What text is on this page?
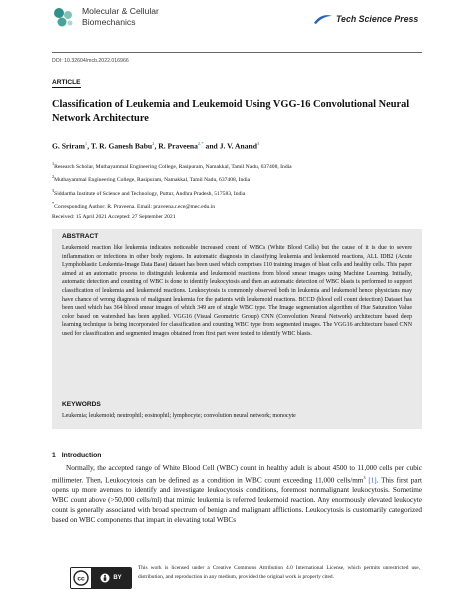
Molecular & Cellular
Biomechanics	Tech Science Press
DOI: 10.32604/mcb.2022.016966
ARTICLE
Classification of Leukemia and Leukemoid Using VGG-16 Convolutional Neural Network Architecture
G. Sriram$^1$, T. R. Ganesh Babu$^2$, R. Praveena$^{2,*}$ and J. V. Anand$^3$
$^1$Research Scholar, Muthayammal Engineering College, Rasipuram, Namakkal, Tamil Nadu, 637408, India
$^2$Muthayammal Engineering College, Rasipuram, Namakkal, Tamil Nadu, 637408, India
$^3$Siddartha Institute of Science and Technology, Puttur, Andhra Pradesh, 517583, India
*Corresponding Author: R. Praveena. Email: praveena.r.ece@mec.edu.in
Received: 15 April 2021 Accepted: 27 September 2021
ABSTRACT

Leukemoid reaction like leukemia indicates noticeable increased count of WBCs (White Blood Cells) but the cause of it is due to severe inflammation or infections in other body regions. In automatic diagnosis in classifying leukemia and leukemoid reactions, ALL IDB2 (Acute Lymphoblastic Leukemia-Image Data Base) dataset has been used which comprises 110 training images of blast cells and healthy cells. This paper aimed at an automatic process to distinguish leukemia and leukemoid reactions from blood smear images using Machine Learning. Initially, automatic detection and counting of WBC is done to identify leukocytosis and then an automatic detection of WBC blasts is performed to support classification of leukemia and leukemoid reactions. Leukocytosis is commonly observed both in leukemia and leukemoid hence physicians may have chance of wrong diagnosis of malignant leukemia for the patients with leukemoid reactions. BCCD (blood cell count detection) Dataset has been used which has 364 blood smear images of which 349 are of single WBC type. The Image segmentation algorithm of Hue Saturation Value color based on watershed has been applied. VGG16 (Visual Geometric Group) CNN (Convolution Neural Network) architecture based deep learning technique is being incorporated for classification and counting WBC type from segmented images. The VGG16 architecture based CNN used for classification and segmented images obtained from first part were tested to identify WBC blasts.

KEYWORDS
Leukemia; leukemoid; neutrophil; eosinophil; lymphocyte; convolution neural network; monocyte
1 Introduction

Normally, the accepted range of White Blood Cell (WBC) count in healthy adult is about 4500 to 11,000 cells per cubic millimeter. Then, Leukocytosis can be defined as a condition in WBC count exceeding 11,000 cells/$mm^3$ [1]. This first part opens up more avenues to identify and investigate leukocytosis conditions, foremost nonmalignant leukocytosis. Sometime WBC count above (>50,000 cells/ml) that mimic leukemia is referred leukemoid reaction. Any enormously elevated leukocyte count is generally associated with broad spectrum of benign and malignant afflictions. Leukocytosis is customarily categorized based on WBC components that impart in elevating total WBCs

cc	BY

This work is licensed under a Creative Commons Attribution 4.0 International License, which permits unrestricted use, distribution, and reproduction in any medium, provided the original work is properly cited.
